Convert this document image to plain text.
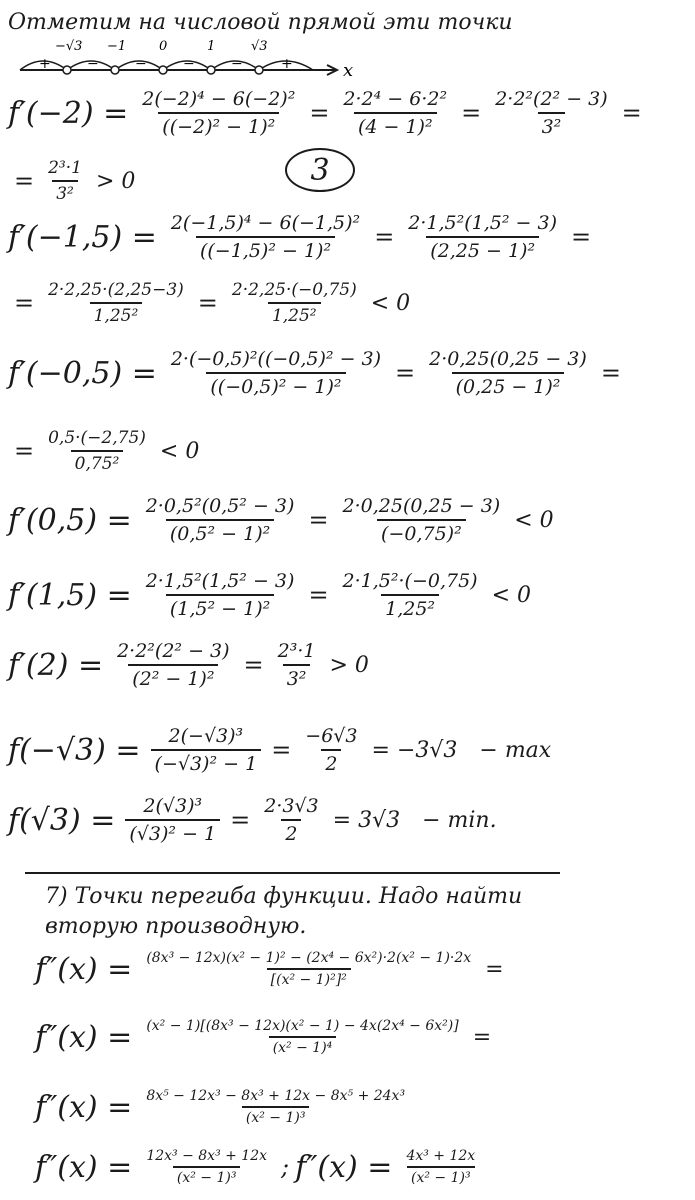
Отметим на числовой прямой эти точки
+	−	−	−	−	+
−√3 −1	0	1	√3
x
$f'(-2) = \frac{\text{2(−2)⁴ − 6(−2)²}}{\text{((−2)² − 1)²}} = \frac{\text{2·2⁴ − 6·2²}}{\text{(4 − 1)²}} = \frac{\text{2·2²(2² − 3)}}{\text{3²}}$ =
= $\frac{\text{2³·1}}{\text{3²}} > 0$	3
$f'(-1,5) = \frac{\text{2(−1,5)⁴ − 6(−1,5)²}}{\text{((−1,5)² − 1)²}} = \frac{\text{2·1,5²(1,5² − 3)}}{\text{(2,25 − 1)²}}$ =
= $\frac{2\cdot 2,25\cdot(2,25-3)}{\text{1,25²}} = \frac{2\cdot 2,25\cdot(-0,75)}{\text{1,25²}} < 0$
$f'(-0,5) = \frac{\text{2·(−0,5)²((−0,5)² − 3)}}{\text{((−0,5)² − 1)²}} = \frac{2\cdot 0,25(0,25 - 3)}{\text{(0,25 − 1)²}}$ =
= $\frac{0,5\cdot(-2,75)}{\text{0,75²}} < 0$
$f'(0,5) = \frac{\text{2·0,5²(0,5² − 3)}}{\text{(0,5² − 1)²}} = \frac{2\cdot 0,25(0,25 - 3)}{\text{(−0,75)²}} < 0$
$f'(1,5) = \frac{\text{2·1,5²(1,5² − 3)}}{\text{(1,5² − 1)²}} = \frac{\text{2·1,5²·(−0,75)}}{\text{1,25²}} < 0$
$f'(2) = \frac{\text{2·2²(2² − 3)}}{\text{(2² − 1)²}} = \frac{\text{2³·1}}{\text{3²}} > 0$
$f(-√3) = \frac{\text{2(−√3)³}}{\text{(−√3)² − 1}} = \frac{-6√3}{2} = -3√3 - \max$
$f(√3) = \frac{\text{2(√3)³}}{\text{(√3)² − 1}} = \frac{2\cdot 3√3}{2} = 3√3 - \min$.
7) Точки перегиба функции. Надо найти
вторую производную.
$f''(x) = \frac{\text{(8x³ − 12x)(x² − 1)² − (2x⁴ − 6x²)·2(x² − 1)·2x}}{\text{[(x² − 1)²]²}}$ =
$f''(x) = \frac{\text{(x² − 1)[(8x³ − 12x)(x² − 1) − 4x(2x⁴ − 6x²)]}}{\text{(x² − 1)⁴}}$ =
$f''(x) = \frac{\text{8x⁵ − 12x³ − 8x³ + 12x − 8x⁵ + 24x³}}{\text{(x² − 1)³}}$
$f''(x) = \frac{\text{12x³ − 8x³ + 12x}}{\text{(x² − 1)³}}$ ; $f''(x) = \frac{\text{4x³ + 12x}}{\text{(x² − 1)³}}$
